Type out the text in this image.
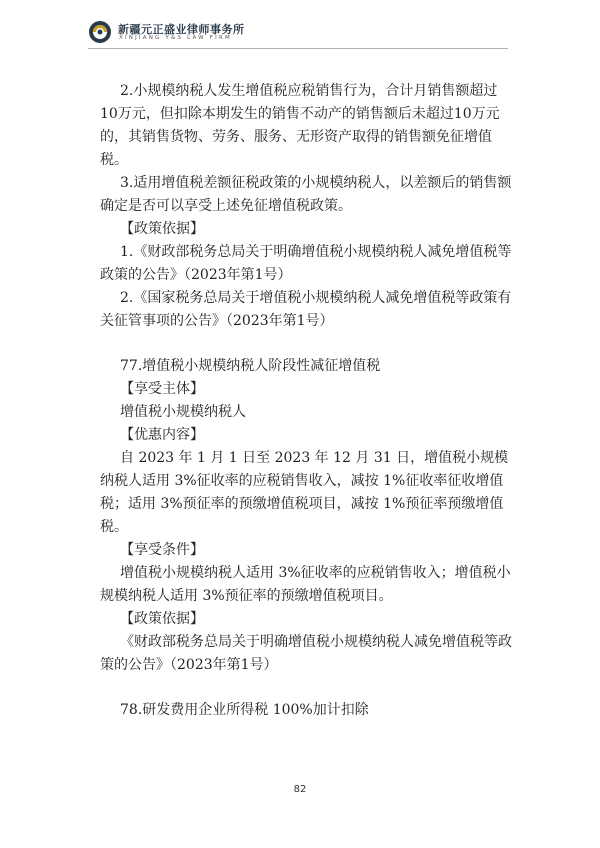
新疆元正盛业律师事务所
XINJIANG Y&S LAW FIRM

2.小规模纳税人发生增值税应税销售行为，合计月销售额超过10万元，但扣除本期发生的销售不动产的销售额后未超过10万元的，其销售货物、劳务、服务、无形资产取得的销售额免征增值税。

3.适用增值税差额征税政策的小规模纳税人，以差额后的销售额确定是否可以享受上述免征增值税政策。

【政策依据】

1.《财政部税务总局关于明确增值税小规模纳税人减免增值税等政策的公告》（2023年第1号）

2.《国家税务总局关于增值税小规模纳税人减免增值税等政策有关征管事项的公告》（2023年第1号）

77.增值税小规模纳税人阶段性减征增值税

【享受主体】

增值税小规模纳税人

【优惠内容】

自 2023 年 1 月 1 日至 2023 年 12 月 31 日，增值税小规模纳税人适用 3%征收率的应税销售收入，减按 1%征收率征收增值税；适用 3%预征率的预缴增值税项目，减按 1%预征率预缴增值税。

【享受条件】

增值税小规模纳税人适用 3%征收率的应税销售收入；增值税小规模纳税人适用 3%预征率的预缴增值税项目。

【政策依据】

《财政部税务总局关于明确增值税小规模纳税人减免增值税等政策的公告》（2023年第1号）

78.研发费用企业所得税 100%加计扣除

82
